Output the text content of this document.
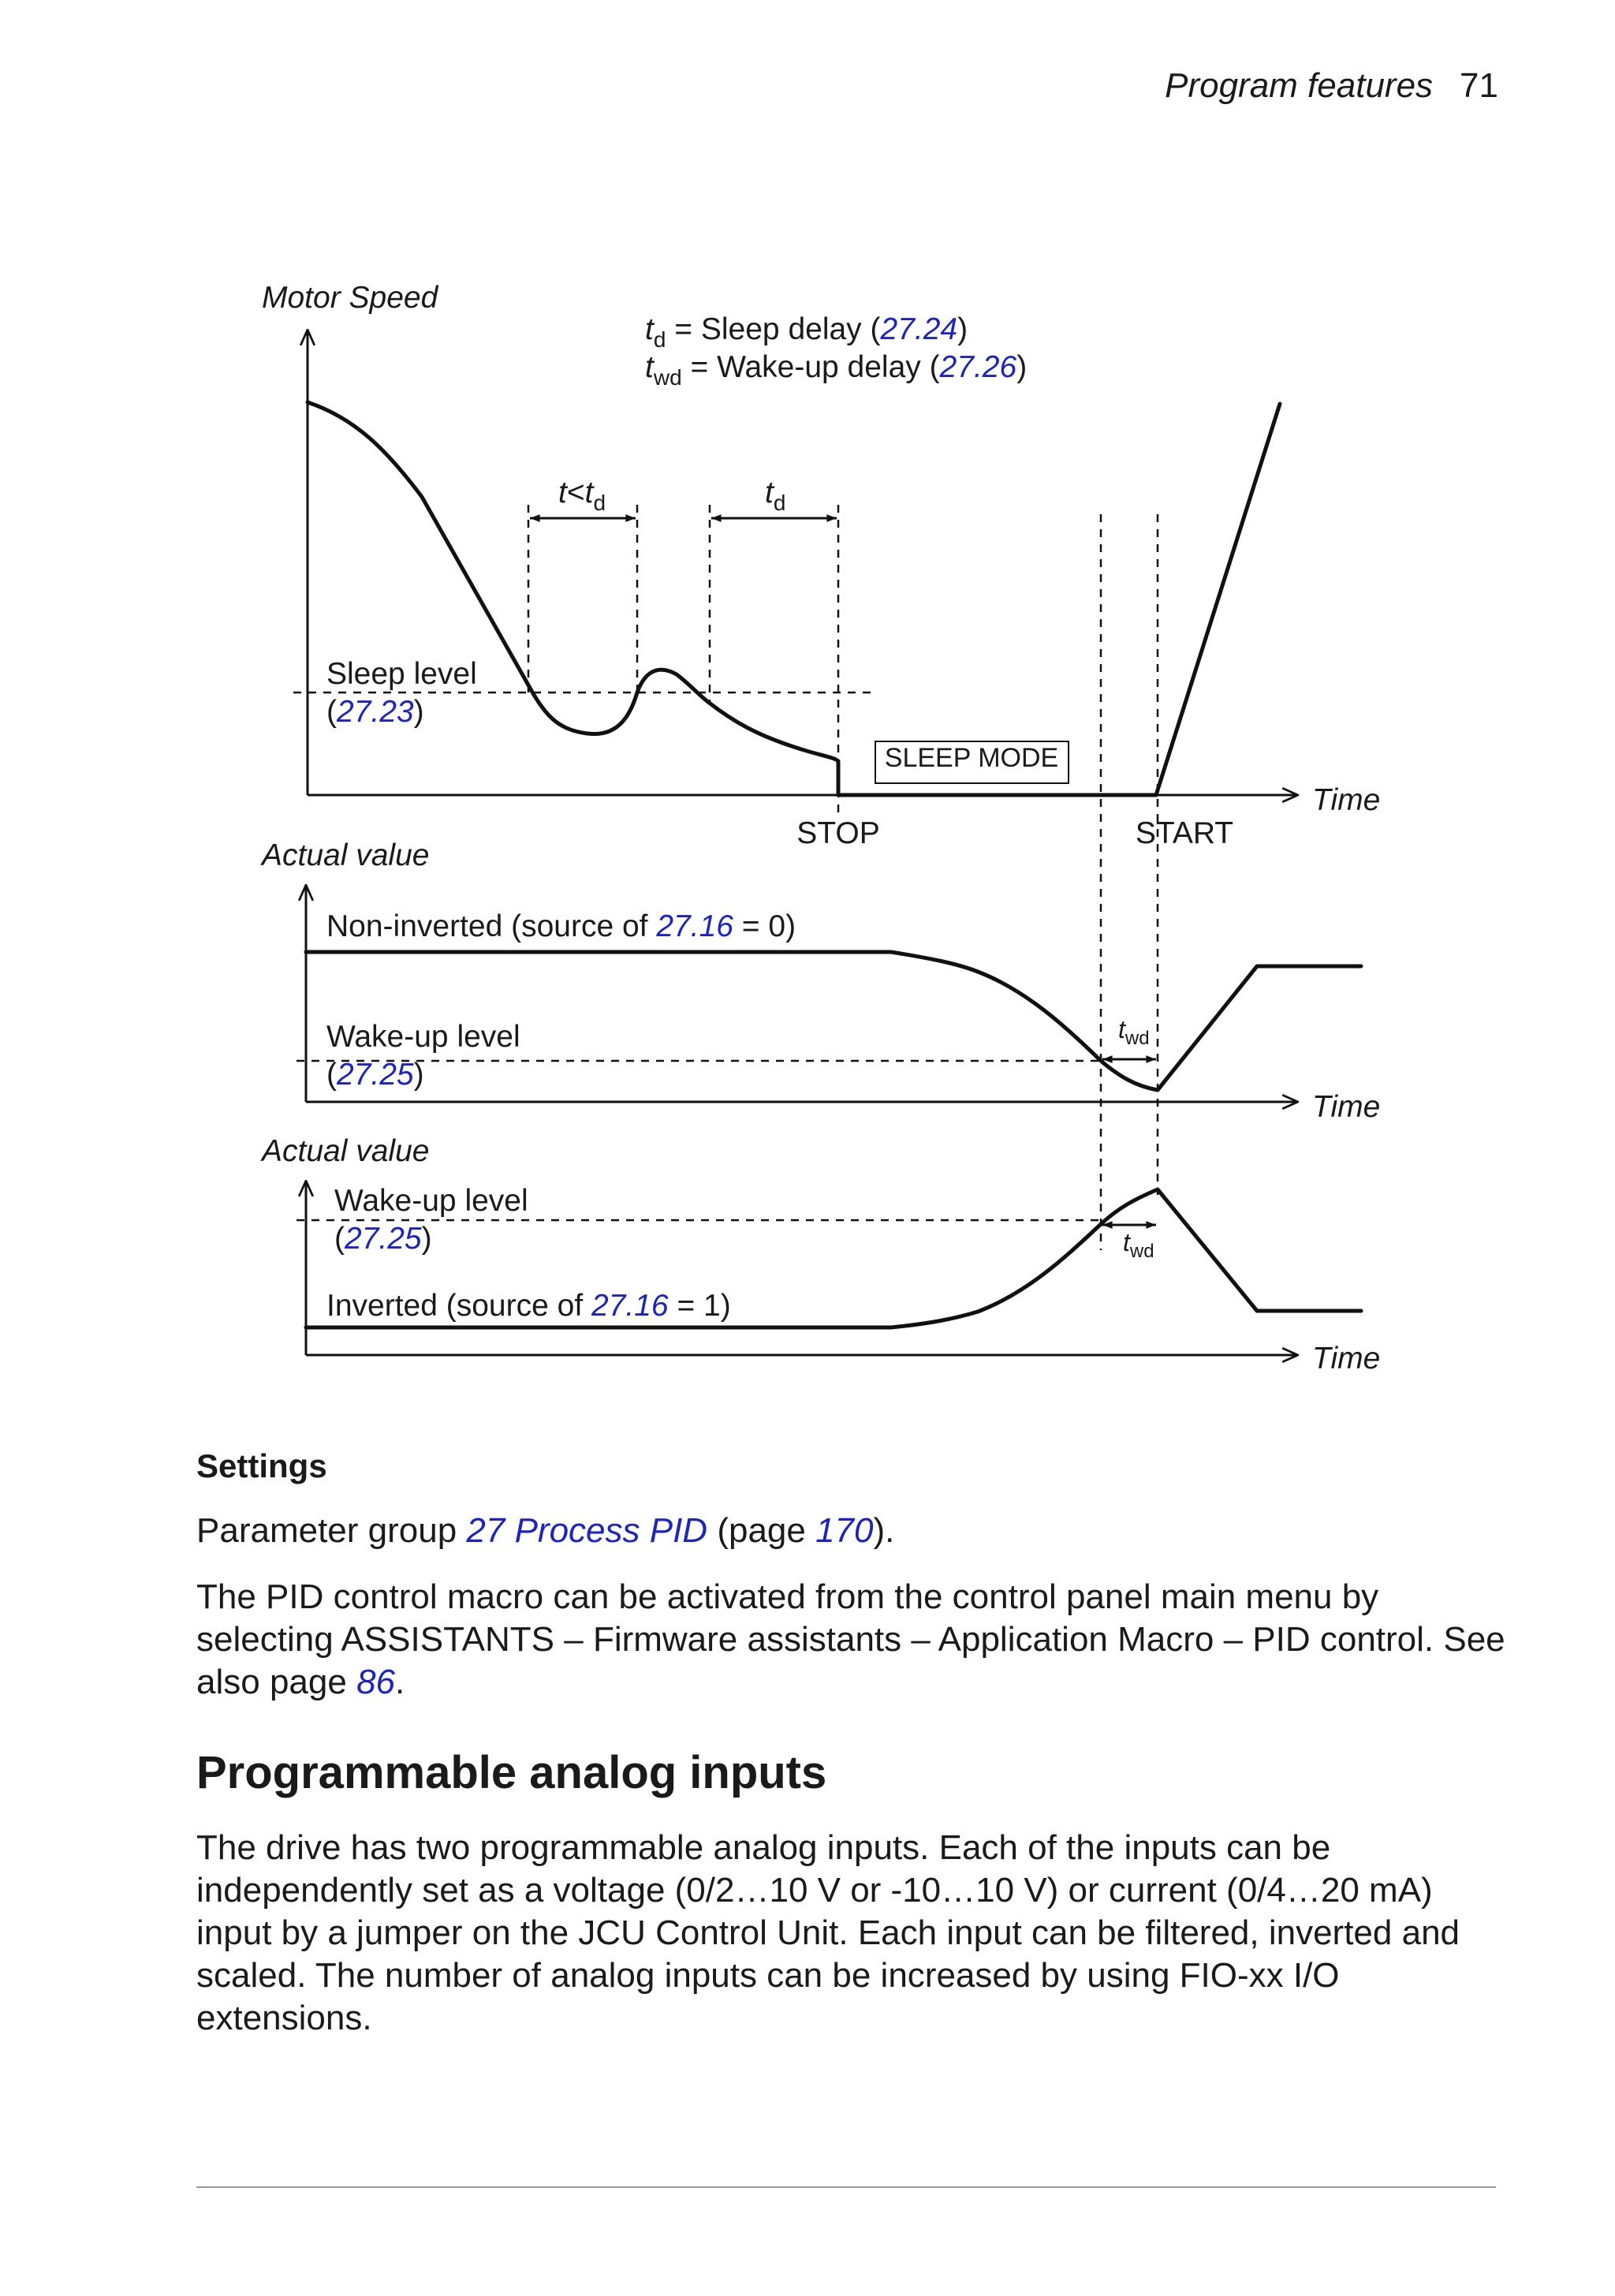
Program features 71
Motor Speed
$t_d$ = Sleep delay (27.24)
$t_{wd}$ = Wake-up delay (27.26)
Sleep level
(27.23)
$t<t_d$	$t_d$
SLEEP MODE
STOP	START
Time
Actual value
Non-inverted (source of 27.16 = 0)
Wake-up level
(27.25)
$t_{wd}$
Time
Actual value
Wake-up level
(27.25)
Inverted (source of 27.16 = 1)
$t_{wd}$
Time
Settings

Parameter group 27 Process PID (page 170).

The PID control macro can be activated from the control panel main menu by selecting ASSISTANTS – Firmware assistants – Application Macro – PID control. See also page 86.

Programmable analog inputs

The drive has two programmable analog inputs. Each of the inputs can be independently set as a voltage (0/2…10 V or -10…10 V) or current (0/4…20 mA) input by a jumper on the JCU Control Unit. Each input can be filtered, inverted and scaled. The number of analog inputs can be increased by using FIO-xx I/O extensions.
